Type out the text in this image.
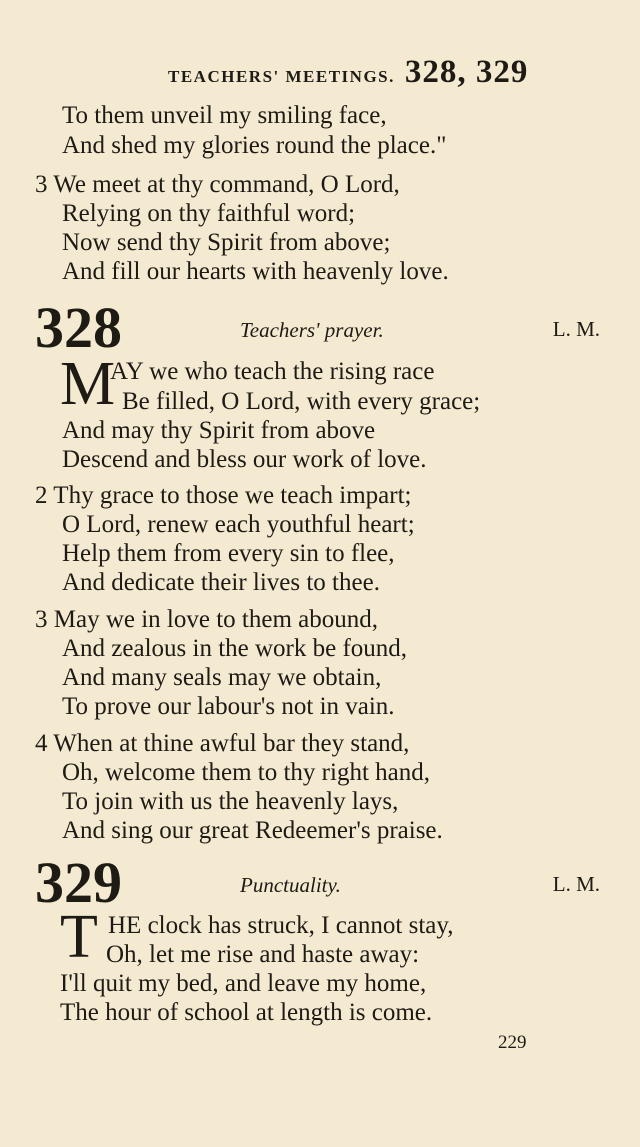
TEACHERS' MEETINGS. 328, 329
To them unveil my smiling face,
And shed my glories round the place."
3 We meet at thy command, O Lord,
Relying on thy faithful word;
Now send thy Spirit from above;
And fill our hearts with heavenly love.
328	Teachers' prayer.	L. M.
M
AY we who teach the rising race
Be filled, O Lord, with every grace;
And may thy Spirit from above
Descend and bless our work of love.
2 Thy grace to those we teach impart;
O Lord, renew each youthful heart;
Help them from every sin to flee,
And dedicate their lives to thee.
3 May we in love to them abound,
And zealous in the work be found,
And many seals may we obtain,
To prove our labour's not in vain.
4 When at thine awful bar they stand,
Oh, welcome them to thy right hand,
To join with us the heavenly lays,
And sing our great Redeemer's praise.
329	Punctuality.	L. M.
T HE clock has struck, I cannot stay,
Oh, let me rise and haste away:
I'll quit my bed, and leave my home,
The hour of school at length is come.
229
